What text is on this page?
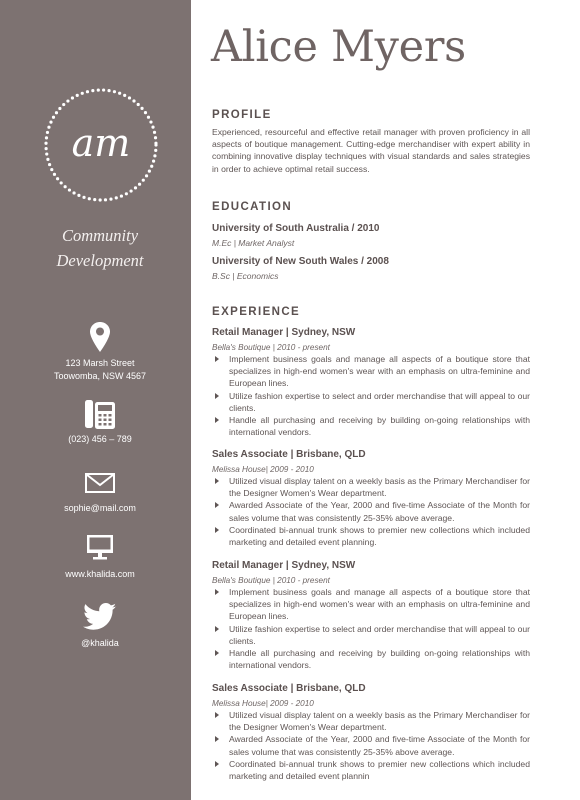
am
Community
Development
123 Marsh Street
Toowomba, NSW 4567
(023) 456 – 789
sophie@mail.com
www.khalida.com
@khalida
Alice Myers
PROFILE
Experienced, resourceful and effective retail manager with proven proficiency in all aspects of boutique management. Cutting-edge merchandiser with expert ability in combining innovative display techniques with visual standards and sales strategies in order to achieve optimal retail success.
EDUCATION
University of South Australia / 2010
M.Ec | Market Analyst
University of New South Wales / 2008
B.Sc | Economics
EXPERIENCE
Retail Manager | Sydney, NSW
Bella's Boutique | 2010 - present
Implement business goals and manage all aspects of a boutique store that specializes in high-end women's wear with an emphasis on ultra-feminine and European lines.
Utilize fashion expertise to select and order merchandise that will appeal to our clients.
Handle all purchasing and receiving by building on-going relationships with international vendors.
Sales Associate | Brisbane, QLD
Melissa House| 2009 - 2010
Utilized visual display talent on a weekly basis as the Primary Merchandiser for the Designer Women's Wear department.
Awarded Associate of the Year, 2000 and five-time Associate of the Month for sales volume that was consistently 25-35% above average.
Coordinated bi-annual trunk shows to premier new collections which included marketing and detailed event planning.
Retail Manager | Sydney, NSW
Bella's Boutique | 2010 - present
Implement business goals and manage all aspects of a boutique store that specializes in high-end women's wear with an emphasis on ultra-feminine and European lines.
Utilize fashion expertise to select and order merchandise that will appeal to our clients.
Handle all purchasing and receiving by building on-going relationships with international vendors.
Sales Associate | Brisbane, QLD
Melissa House| 2009 - 2010
Utilized visual display talent on a weekly basis as the Primary Merchandiser for the Designer Women's Wear department.
Awarded Associate of the Year, 2000 and five-time Associate of the Month for sales volume that was consistently 25-35% above average.
Coordinated bi-annual trunk shows to premier new collections which included marketing and detailed event plannin
